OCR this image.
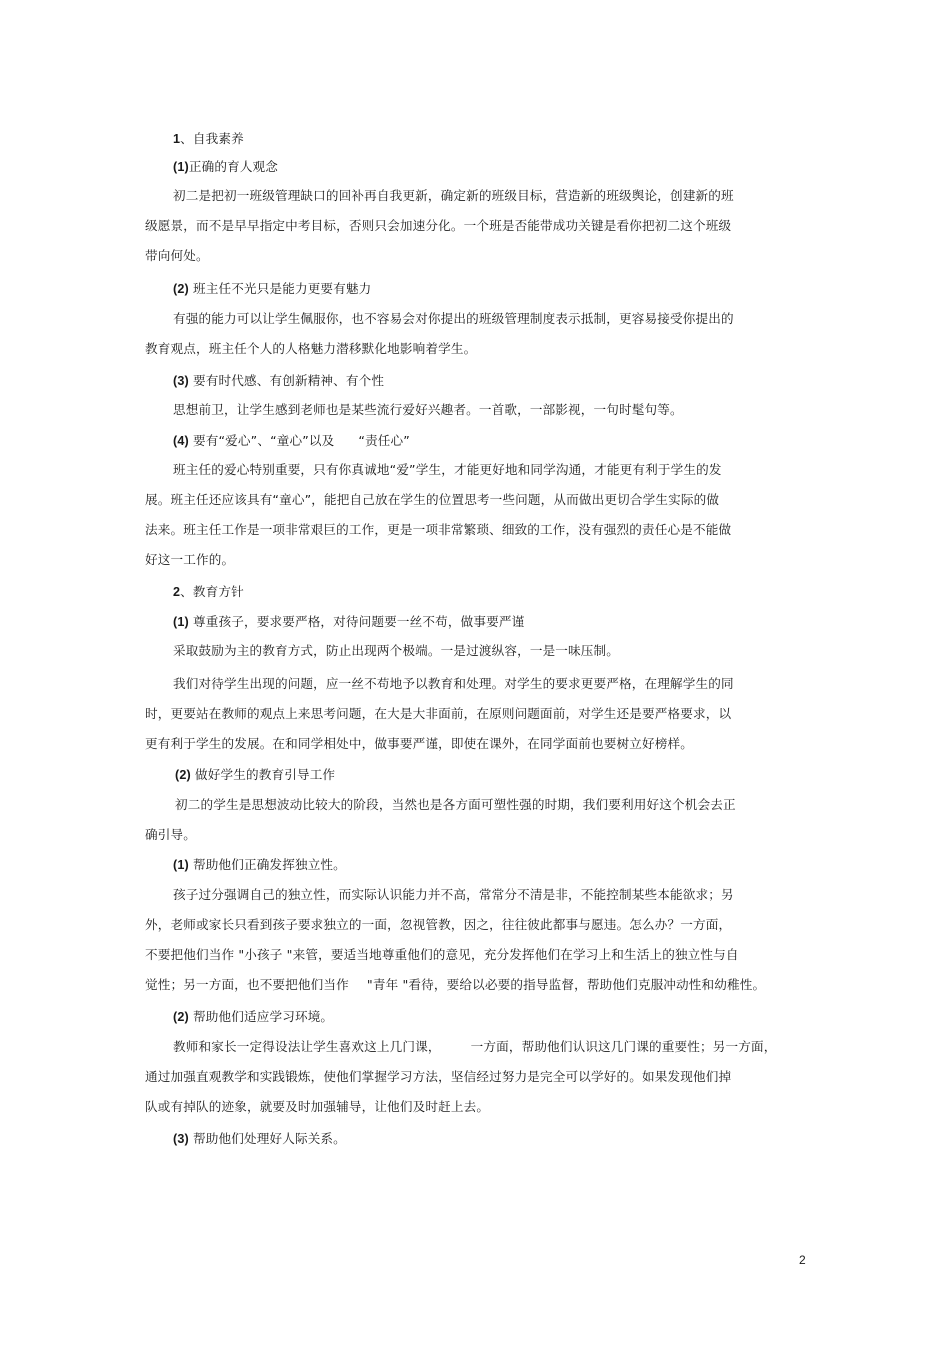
1、自我素养
(1)正确的育人观念
初二是把初一班级管理缺口的回补再自我更新，确定新的班级目标，营造新的班级舆论，创建新的班
级愿景，而不是早早指定中考目标，否则只会加速分化。一个班是否能带成功关键是看你把初二这个班级
带向何处。
(2) 班主任不光只是能力更要有魅力
有强的能力可以让学生佩服你，也不容易会对你提出的班级管理制度表示抵制，更容易接受你提出的
教育观点，班主任个人的人格魅力潜移默化地影响着学生。
(3) 要有时代感、有创新精神、有个性
思想前卫，让学生感到老师也是某些流行爱好兴趣者。一首歌，一部影视，一句时髦句等。
(4) 要有“爱心”、“童心”以及 “责任心”
班主任的爱心特别重要，只有你真诚地“爱”学生，才能更好地和同学沟通，才能更有利于学生的发
展。班主任还应该具有“童心”，能把自己放在学生的位置思考一些问题，从而做出更切合学生实际的做
法来。班主任工作是一项非常艰巨的工作，更是一项非常繁琐、细致的工作，没有强烈的责任心是不能做
好这一工作的。
2、教育方针
(1) 尊重孩子，要求要严格，对待问题要一丝不苟，做事要严谨
采取鼓励为主的教育方式，防止出现两个极端。一是过渡纵容，一是一味压制。
我们对待学生出现的问题，应一丝不苟地予以教育和处理。对学生的要求更要严格，在理解学生的同
时，更要站在教师的观点上来思考问题，在大是大非面前，在原则问题面前，对学生还是要严格要求，以
更有利于学生的发展。在和同学相处中，做事要严谨，即使在课外，在同学面前也要树立好榜样。
(2) 做好学生的教育引导工作
初二的学生是思想波动比较大的阶段，当然也是各方面可塑性强的时期，我们要利用好这个机会去正
确引导。
(1) 帮助他们正确发挥独立性。
孩子过分强调自己的独立性，而实际认识能力并不高，常常分不清是非，不能控制某些本能欲求；另
外，老师或家长只看到孩子要求独立的一面，忽视管教，因之，往往彼此都事与愿违。怎么办？一方面，
不要把他们当作 "小孩子 "来管，要适当地尊重他们的意见，充分发挥他们在学习上和生活上的独立性与自
觉性；另一方面，也不要把他们当作 "青年 "看待，要给以必要的指导监督，帮助他们克服冲动性和幼稚性。
(2) 帮助他们适应学习环境。
教师和家长一定得设法让学生喜欢这上几门课， 一方面，帮助他们认识这几门课的重要性；另一方面，
通过加强直观教学和实践锻炼，使他们掌握学习方法，坚信经过努力是完全可以学好的。如果发现他们掉
队或有掉队的迹象，就要及时加强辅导，让他们及时赶上去。
(3) 帮助他们处理好人际关系。
2
